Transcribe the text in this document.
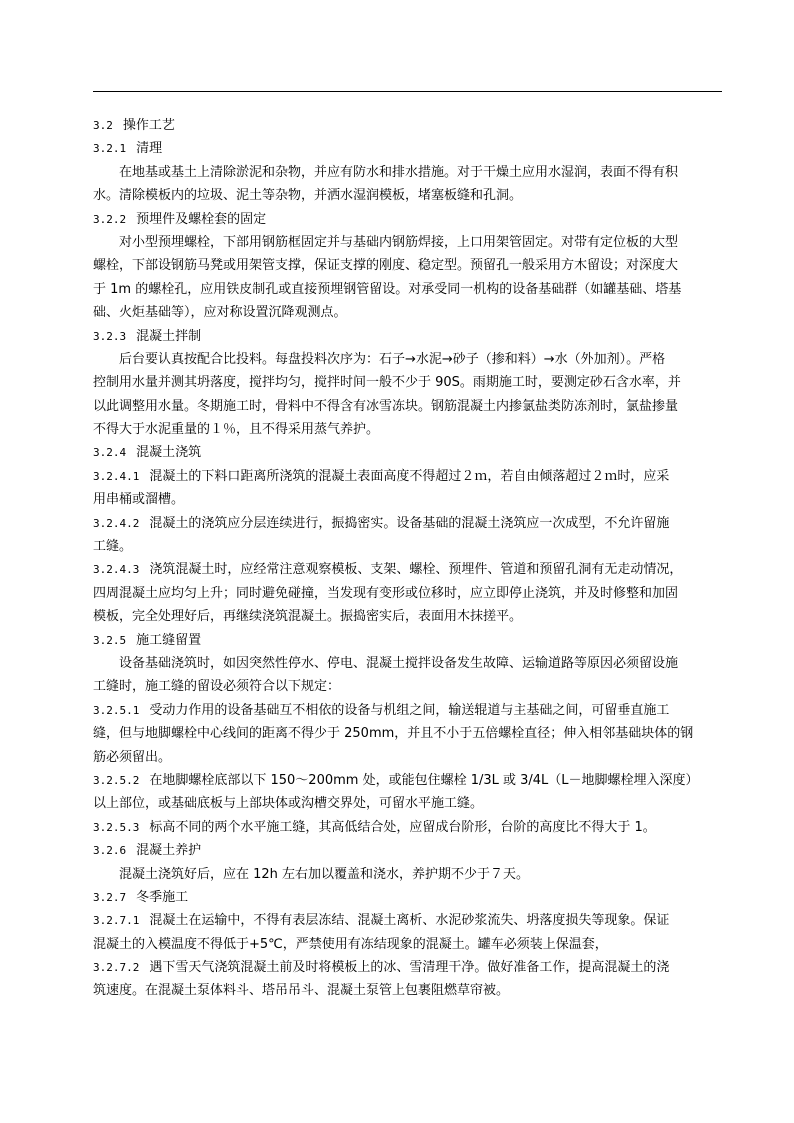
3.2 操作工艺
3.2.1 清理
在地基或基土上清除淤泥和杂物，并应有防水和排水措施。对于干燥土应用水湿润，表面不得有积
水。清除模板内的垃圾、泥土等杂物，并洒水湿润模板，堵塞板缝和孔洞。
3.2.2 预埋件及螺栓套的固定
对小型预埋螺栓，下部用钢筋框固定并与基础内钢筋焊接，上口用架管固定。对带有定位板的大型
螺栓，下部设钢筋马凳或用架管支撑，保证支撑的刚度、稳定型。预留孔一般采用方木留设；对深度大
于 1m 的螺栓孔，应用铁皮制孔或直接预埋钢管留设。对承受同一机构的设备基础群（如罐基础、塔基
础、火炬基础等），应对称设置沉降观测点。
3.2.3 混凝土拌制
后台要认真按配合比投料。每盘投料次序为：石子→水泥→砂子（掺和料）→水（外加剂）。严格
控制用水量并测其坍落度，搅拌均匀，搅拌时间一般不少于 90S。雨期施工时，要测定砂石含水率，并
以此调整用水量。冬期施工时，骨料中不得含有冰雪冻块。钢筋混凝土内掺氯盐类防冻剂时，氯盐掺量
不得大于水泥重量的１％，且不得采用蒸气养护。
3.2.4 混凝土浇筑
3.2.4.1 混凝土的下料口距离所浇筑的混凝土表面高度不得超过２ｍ，若自由倾落超过２ｍ时，应采
用串桶或溜槽。
3.2.4.2 混凝土的浇筑应分层连续进行，振捣密实。设备基础的混凝土浇筑应一次成型，不允许留施
工缝。
3.2.4.3 浇筑混凝土时，应经常注意观察模板、支架、螺栓、预埋件、管道和预留孔洞有无走动情况，
四周混凝土应均匀上升；同时避免碰撞，当发现有变形或位移时，应立即停止浇筑，并及时修整和加固
模板，完全处理好后，再继续浇筑混凝土。振捣密实后，表面用木抹搓平。
3.2.5 施工缝留置
设备基础浇筑时，如因突然性停水、停电、混凝土搅拌设备发生故障、运输道路等原因必须留设施
工缝时，施工缝的留设必须符合以下规定：
3.2.5.1 受动力作用的设备基础互不相依的设备与机组之间，输送辊道与主基础之间，可留垂直施工
缝，但与地脚螺栓中心线间的距离不得少于 250mm，并且不小于五倍螺栓直径；伸入相邻基础块体的钢
筋必须留出。
3.2.5.2 在地脚螺栓底部以下 150～200mm 处，或能包住螺栓 1/3L 或 3/4L（L－地脚螺栓埋入深度）
以上部位，或基础底板与上部块体或沟槽交界处，可留水平施工缝。
3.2.5.3 标高不同的两个水平施工缝，其高低结合处，应留成台阶形，台阶的高度比不得大于 1。
3.2.6 混凝土养护
混凝土浇筑好后，应在 12h 左右加以覆盖和浇水，养护期不少于７天。
3.2.7 冬季施工
3.2.7.1 混凝土在运输中，不得有表层冻结、混凝土离析、水泥砂浆流失、坍落度损失等现象。保证
混凝土的入模温度不得低于+5℃，严禁使用有冻结现象的混凝土。罐车必须装上保温套，
3.2.7.2 遇下雪天气浇筑混凝土前及时将模板上的冰、雪清理干净。做好准备工作，提高混凝土的浇
筑速度。在混凝土泵体料斗、塔吊吊斗、混凝土泵管上包裹阻燃草帘被。
